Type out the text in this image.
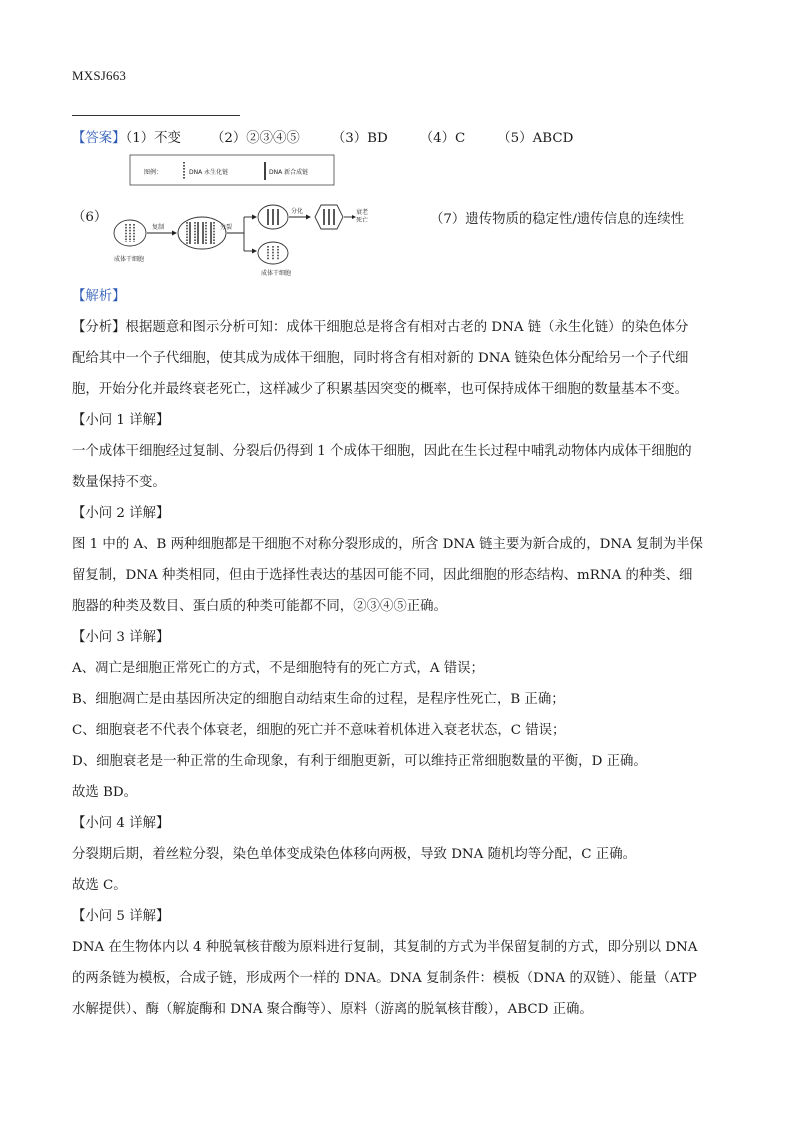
MXSJ663
【答案】（1）不变 （2）②③④⑤ （3）BD （4）C （5）ABCD
（6）
图例：	DNA 永生化链	DNA 新合成链
成体干细胞
复制	分裂
成体干细胞
分化	衰老
死亡	（7）遗传物质的稳定性/遗传信息的连续性
【解析】
【分析】根据题意和图示分析可知：成体干细胞总是将含有相对古老的 DNA 链（永生化链）的染色体分
配给其中一个子代细胞，使其成为成体干细胞，同时将含有相对新的 DNA 链染色体分配给另一个子代细
胞，开始分化并最终衰老死亡，这样减少了积累基因突变的概率，也可保持成体干细胞的数量基本不变。
【小问 1 详解】
一个成体干细胞经过复制、分裂后仍得到 1 个成体干细胞，因此在生长过程中哺乳动物体内成体干细胞的
数量保持不变。
【小问 2 详解】
图 1 中的 A、B 两种细胞都是干细胞不对称分裂形成的，所含 DNA 链主要为新合成的，DNA 复制为半保
留复制，DNA 种类相同，但由于选择性表达的基因可能不同，因此细胞的形态结构、mRNA 的种类、细
胞器的种类及数目、蛋白质的种类可能都不同，②③④⑤正确。
【小问 3 详解】
A、凋亡是细胞正常死亡的方式，不是细胞特有的死亡方式，A 错误；
B、细胞凋亡是由基因所决定的细胞自动结束生命的过程，是程序性死亡，B 正确；
C、细胞衰老不代表个体衰老，细胞的死亡并不意味着机体进入衰老状态，C 错误；
D、细胞衰老是一种正常的生命现象，有利于细胞更新，可以维持正常细胞数量的平衡，D 正确。
故选 BD。
【小问 4 详解】
分裂期后期，着丝粒分裂，染色单体变成染色体移向两极，导致 DNA 随机均等分配，C 正确。
故选 C。
【小问 5 详解】
DNA 在生物体内以 4 种脱氧核苷酸为原料进行复制，其复制的方式为半保留复制的方式，即分别以 DNA
的两条链为模板，合成子链，形成两个一样的 DNA。DNA 复制条件：模板（DNA 的双链）、能量（ATP
水解提供）、酶（解旋酶和 DNA 聚合酶等）、原料（游离的脱氧核苷酸），ABCD 正确。
